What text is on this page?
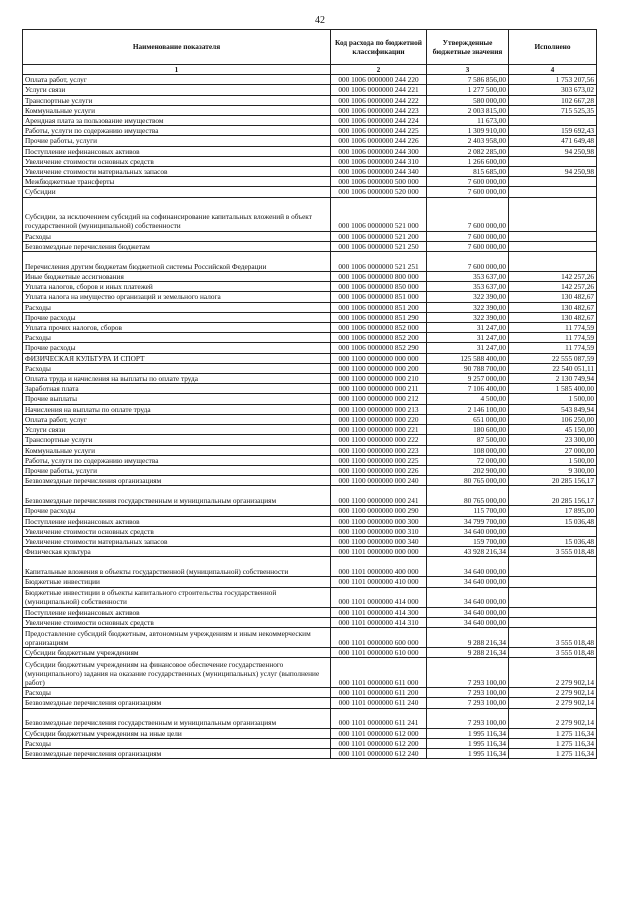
42
Наименование показателя	Код расхода по бюджетной классификации	Утвержденные бюджетные значения	Исполнено
1	2	3	4
Оплата работ, услуг	000 1006 0000000 244 220	7 586 856,00	1 753 207,56
Услуги связи	000 1006 0000000 244 221	1 277 500,00	303 673,02
Транспортные услуги	000 1006 0000000 244 222	580 000,00	102 667,28
Коммунальные услуги	000 1006 0000000 244 223	2 003 815,00	715 525,35
Арендная плата за пользование имуществом	000 1006 0000000 244 224	11 673,00	
Работы, услуги по содержанию имущества	000 1006 0000000 244 225	1 309 910,00	159 692,43
Прочие работы, услуги	000 1006 0000000 244 226	2 403 958,00	471 649,48
Поступление нефинансовых активов	000 1006 0000000 244 300	2 082 285,00	94 250,98
Увеличение стоимости основных средств	000 1006 0000000 244 310	1 266 600,00	
Увеличение стоимости материальных запасов	000 1006 0000000 244 340	815 685,00	94 250,98
Межбюджетные трансферты	000 1006 0000000 500 000	7 600 000,00	
Субсидии	000 1006 0000000 520 000	7 600 000,00	
Субсидии, за исключением субсидий на софинансирование капитальных вложений в объект государственной (муниципальной) собственности	000 1006 0000000 521 000	7 600 000,00	
Расходы	000 1006 0000000 521 200	7 600 000,00	
Безвозмездные перечисления бюджетам	000 1006 0000000 521 250	7 600 000,00	
Перечисления другим бюджетам бюджетной системы Российской Федерации	000 1006 0000000 521 251	7 600 000,00	
Иные бюджетные ассигнования	000 1006 0000000 800 000	353 637,00	142 257,26
Уплата налогов, сборов и иных платежей	000 1006 0000000 850 000	353 637,00	142 257,26
Уплата налога на имущество организаций и земельного налога	000 1006 0000000 851 000	322 390,00	130 482,67
Расходы	000 1006 0000000 851 200	322 390,00	130 482,67
Прочие расходы	000 1006 0000000 851 290	322 390,00	130 482,67
Уплата прочих налогов, сборов	000 1006 0000000 852 000	31 247,00	11 774,59
Расходы	000 1006 0000000 852 200	31 247,00	11 774,59
Прочие расходы	000 1006 0000000 852 290	31 247,00	11 774,59
ФИЗИЧЕСКАЯ КУЛЬТУРА И СПОРТ	000 1100 0000000 000 000	125 588 400,00	22 555 087,59
Расходы	000 1100 0000000 000 200	90 788 700,00	22 540 051,11
Оплата труда и начисления на выплаты по оплате труда	000 1100 0000000 000 210	9 257 000,00	2 130 749,94
Заработная плата	000 1100 0000000 000 211	7 106 400,00	1 585 400,00
Прочие выплаты	000 1100 0000000 000 212	4 500,00	1 500,00
Начисления на выплаты по оплате труда	000 1100 0000000 000 213	2 146 100,00	543 849,94
Оплата работ, услуг	000 1100 0000000 000 220	651 000,00	106 250,00
Услуги связи	000 1100 0000000 000 221	180 600,00	45 150,00
Транспортные услуги	000 1100 0000000 000 222	87 500,00	23 300,00
Коммунальные услуги	000 1100 0000000 000 223	108 000,00	27 000,00
Работы, услуги по содержанию имущества	000 1100 0000000 000 225	72 000,00	1 500,00
Прочие работы, услуги	000 1100 0000000 000 226	202 900,00	9 300,00
Безвозмездные перечисления организациям	000 1100 0000000 000 240	80 765 000,00	20 285 156,17
Безвозмездные перечисления государственным и муниципальным организациям	000 1100 0000000 000 241	80 765 000,00	20 285 156,17
Прочие расходы	000 1100 0000000 000 290	115 700,00	17 895,00
Поступление нефинансовых активов	000 1100 0000000 000 300	34 799 700,00	15 036,48
Увеличение стоимости основных средств	000 1100 0000000 000 310	34 640 000,00	
Увеличение стоимости материальных запасов	000 1100 0000000 000 340	159 700,00	15 036,48
Физическая культура	000 1101 0000000 000 000	43 928 216,34	3 555 018,48
Капитальные вложения в объекты государственной (муниципальной) собственности	000 1101 0000000 400 000	34 640 000,00	
Бюджетные инвестиции	000 1101 0000000 410 000	34 640 000,00	
Бюджетные инвестиции в объекты капитального строительства государственной (муниципальной) собственности	000 1101 0000000 414 000	34 640 000,00	
Поступление нефинансовых активов	000 1101 0000000 414 300	34 640 000,00	
Увеличение стоимости основных средств	000 1101 0000000 414 310	34 640 000,00	
Предоставление субсидий бюджетным, автономным учреждениям и иным некоммерческим организациям	000 1101 0000000 600 000	9 288 216,34	3 555 018,48
Субсидии бюджетным учреждениям	000 1101 0000000 610 000	9 288 216,34	3 555 018,48
Субсидии бюджетным учреждениям на финансовое обеспечение государственного (муниципального) задания на оказание государственных (муниципальных) услуг (выполнение работ)	000 1101 0000000 611 000	7 293 100,00	2 279 902,14
Расходы	000 1101 0000000 611 200	7 293 100,00	2 279 902,14
Безвозмездные перечисления организациям	000 1101 0000000 611 240	7 293 100,00	2 279 902,14
Безвозмездные перечисления государственным и муниципальным организациям	000 1101 0000000 611 241	7 293 100,00	2 279 902,14
Субсидии бюджетным учреждениям на иные цели	000 1101 0000000 612 000	1 995 116,34	1 275 116,34
Расходы	000 1101 0000000 612 200	1 995 116,34	1 275 116,34
Безвозмездные перечисления организациям	000 1101 0000000 612 240	1 995 116,34	1 275 116,34
